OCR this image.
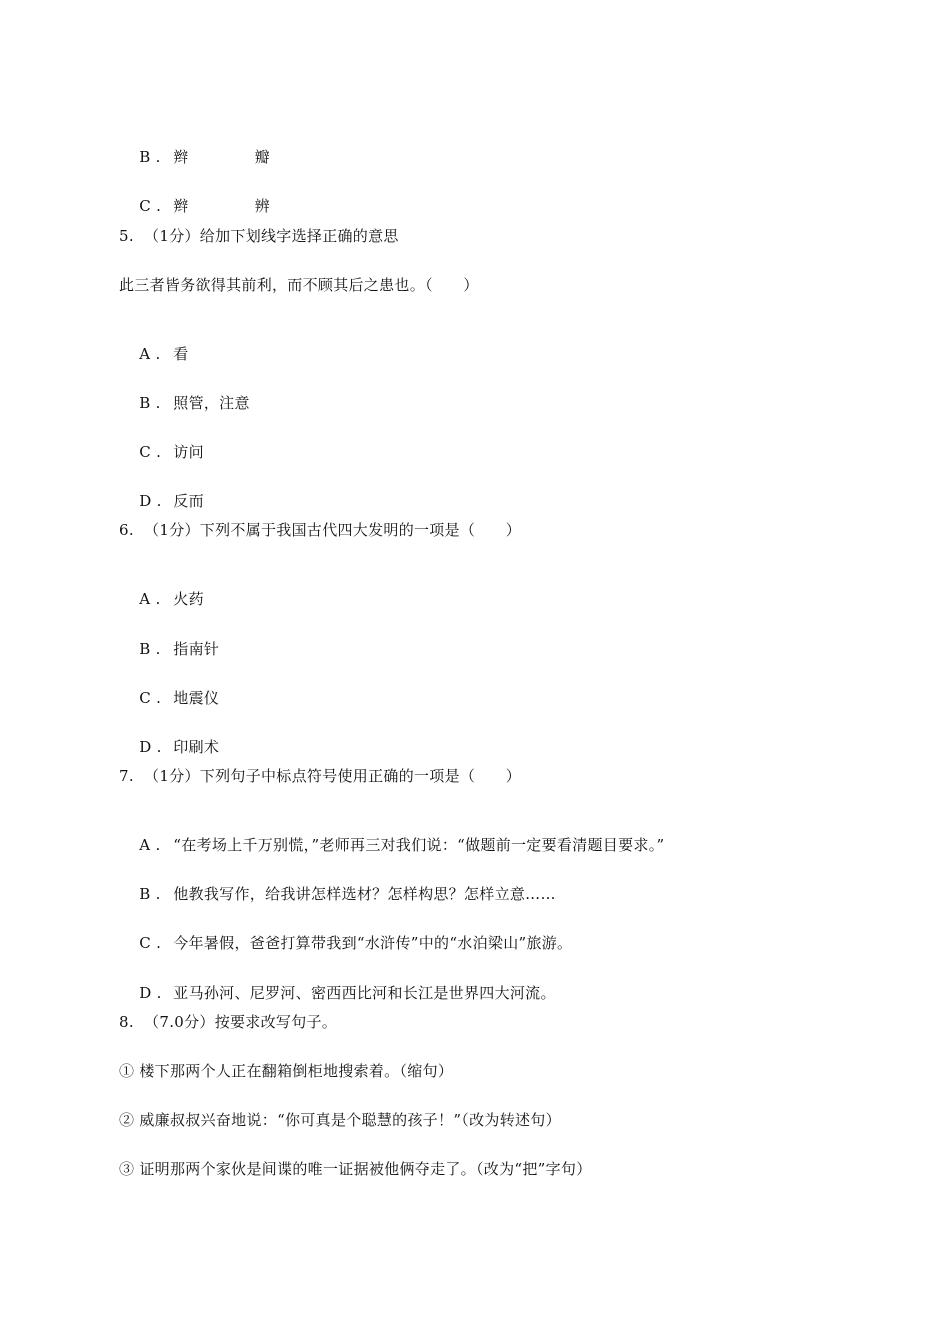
B . 辫	瓣

C . 辫	辨

5.  （1分）给加下划线字选择正确的意思
此三者皆务欲得其前利，而不顾其后之患也。（　　）

A . 看

B . 照管，注意

C . 访问

D . 反而

6.  （1分）下列不属于我国古代四大发明的一项是（　　）

A . 火药

B . 指南针

C . 地震仪

D . 印刷术

7.  （1分）下列句子中标点符号使用正确的一项是（　　）

A . “在考场上千万别慌，”老师再三对我们说：“做题前一定要看清题目要求。”

B . 他教我写作，给我讲怎样选材？怎样构思？怎样立意……

C . 今年暑假，爸爸打算带我到“水浒传”中的“水泊梁山”旅游。

D . 亚马孙河、尼罗河、密西西比河和长江是世界四大河流。

8.  （7.0分）按要求改写句子。
① 楼下那两个人正在翻箱倒柜地搜索着。（缩句）
② 威廉叔叔兴奋地说：“你可真是个聪慧的孩子！”（改为转述句）
③ 证明那两个家伙是间谍的唯一证据被他俩夺走了。（改为“把”字句）
